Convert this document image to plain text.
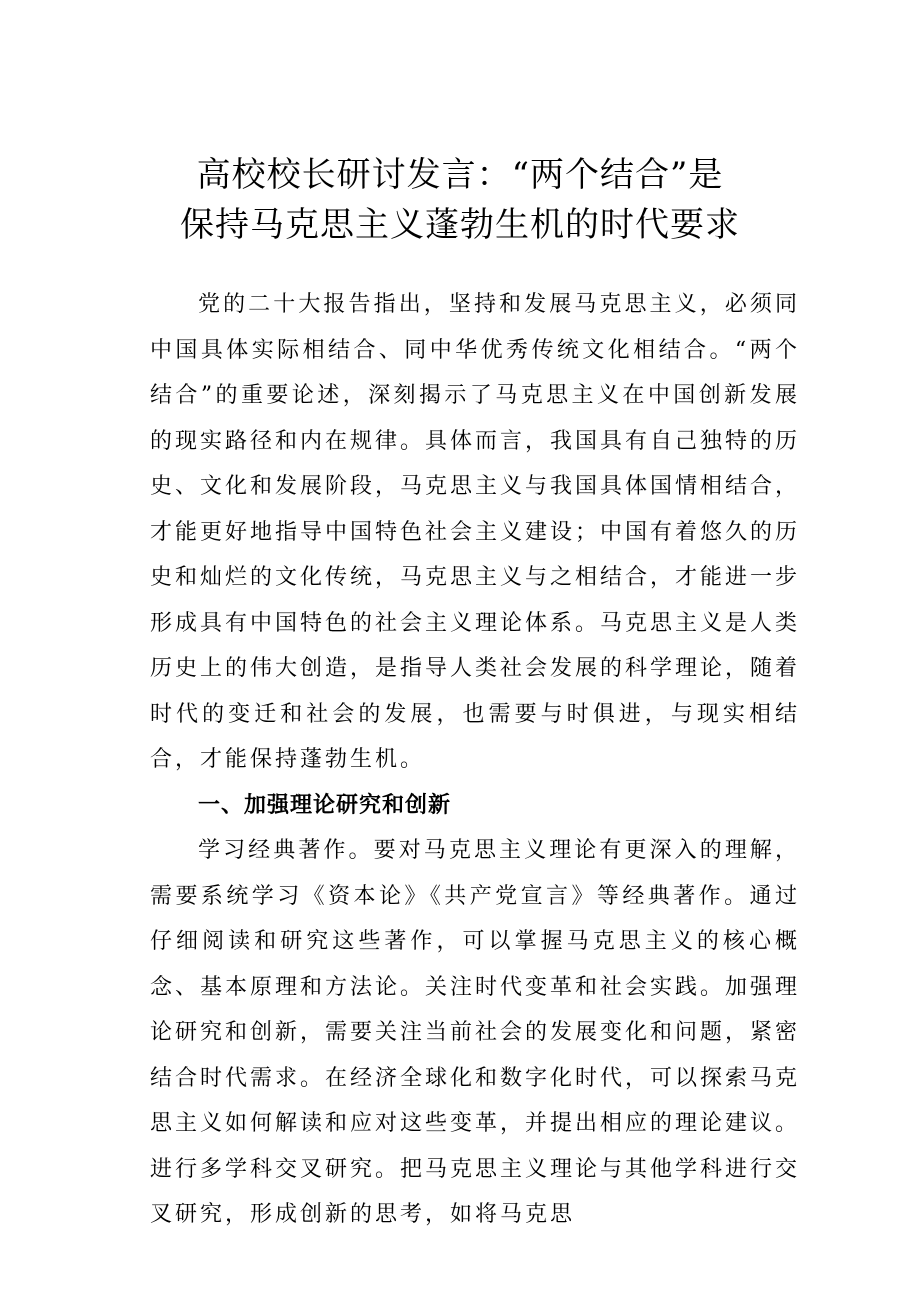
高校校长研讨发言：“两个结合”是
保持马克思主义蓬勃生机的时代要求

党的二十大报告指出，坚持和发展马克思主义，必须同中国具体实际相结合、同中华优秀传统文化相结合。“两个结合”的重要论述，深刻揭示了马克思主义在中国创新发展的现实路径和内在规律。具体而言，我国具有自己独特的历史、文化和发展阶段，马克思主义与我国具体国情相结合，才能更好地指导中国特色社会主义建设；中国有着悠久的历史和灿烂的文化传统，马克思主义与之相结合，才能进一步形成具有中国特色的社会主义理论体系。马克思主义是人类历史上的伟大创造，是指导人类社会发展的科学理论，随着时代的变迁和社会的发展，也需要与时俱进，与现实相结合，才能保持蓬勃生机。

一、加强理论研究和创新

学习经典著作。要对马克思主义理论有更深入的理解，需要系统学习《资本论》《共产党宣言》等经典著作。通过仔细阅读和研究这些著作，可以掌握马克思主义的核心概念、基本原理和方法论。关注时代变革和社会实践。加强理论研究和创新，需要关注当前社会的发展变化和问题，紧密结合时代需求。在经济全球化和数字化时代，可以探索马克思主义如何解读和应对这些变革，并提出相应的理论建议。进行多学科交叉研究。把马克思主义理论与其他学科进行交叉研究，形成创新的思考，如将马克思
